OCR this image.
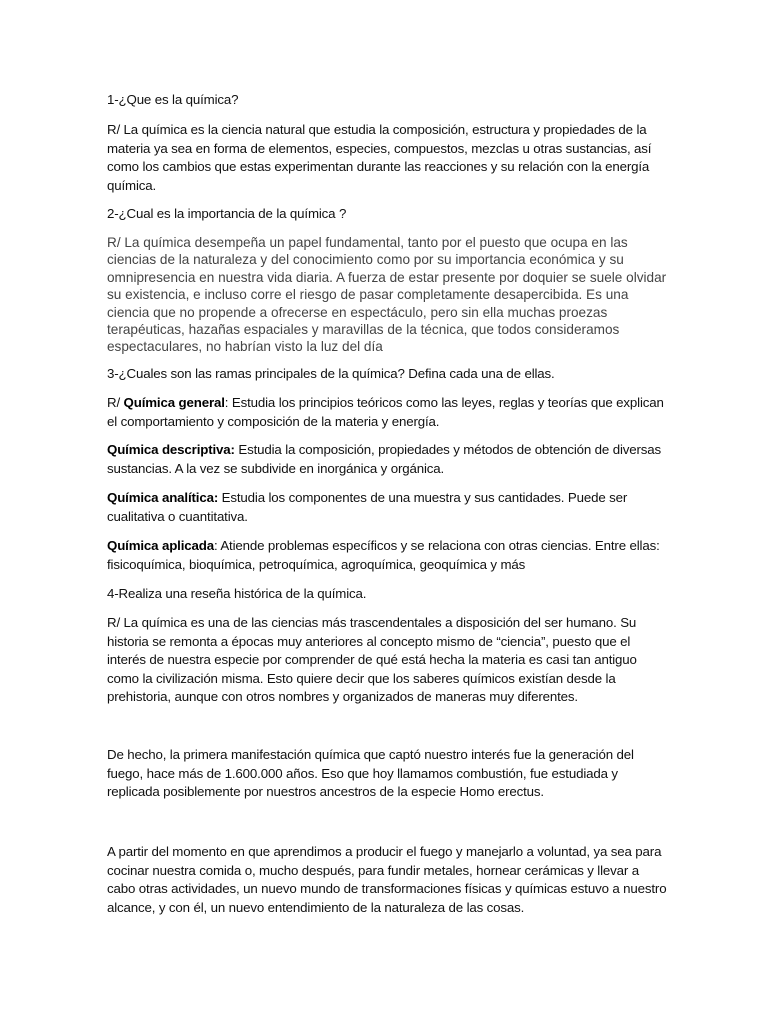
1-¿Que es la química?

R/ La química es la ciencia natural que estudia la composición, estructura y propiedades de la materia ya sea en forma de elementos, especies, compuestos, mezclas u otras sustancias, así como los cambios que estas experimentan durante las reacciones y su relación con la energía química.

2-¿Cual es la importancia de la química ?

R/ La química desempeña un papel fundamental, tanto por el puesto que ocupa en las ciencias de la naturaleza y del conocimiento como por su importancia económica y su omnipresencia en nuestra vida diaria. A fuerza de estar presente por doquier se suele olvidar su existencia, e incluso corre el riesgo de pasar completamente desapercibida. Es una ciencia que no propende a ofrecerse en espectáculo, pero sin ella muchas proezas terapéuticas, hazañas espaciales y maravillas de la técnica, que todos consideramos espectaculares, no habrían visto la luz del día

3-¿Cuales son las ramas principales de la química? Defina cada una de ellas.

R/ Química general: Estudia los principios teóricos como las leyes, reglas y teorías que explican el comportamiento y composición de la materia y energía.

Química descriptiva: Estudia la composición, propiedades y métodos de obtención de diversas sustancias. A la vez se subdivide en inorgánica y orgánica.

Química analítica: Estudia los componentes de una muestra y sus cantidades. Puede ser cualitativa o cuantitativa.

Química aplicada: Atiende problemas específicos y se relaciona con otras ciencias. Entre ellas: fisicoquímica, bioquímica, petroquímica, agroquímica, geoquímica y más

4-Realiza una reseña histórica de la química.

R/ La química es una de las ciencias más trascendentales a disposición del ser humano. Su historia se remonta a épocas muy anteriores al concepto mismo de “ciencia”, puesto que el interés de nuestra especie por comprender de qué está hecha la materia es casi tan antiguo como la civilización misma. Esto quiere decir que los saberes químicos existían desde la prehistoria, aunque con otros nombres y organizados de maneras muy diferentes.

De hecho, la primera manifestación química que captó nuestro interés fue la generación del fuego, hace más de 1.600.000 años. Eso que hoy llamamos combustión, fue estudiada y replicada posiblemente por nuestros ancestros de la especie Homo erectus.

A partir del momento en que aprendimos a producir el fuego y manejarlo a voluntad, ya sea para cocinar nuestra comida o, mucho después, para fundir metales, hornear cerámicas y llevar a cabo otras actividades, un nuevo mundo de transformaciones físicas y químicas estuvo a nuestro alcance, y con él, un nuevo entendimiento de la naturaleza de las cosas.
